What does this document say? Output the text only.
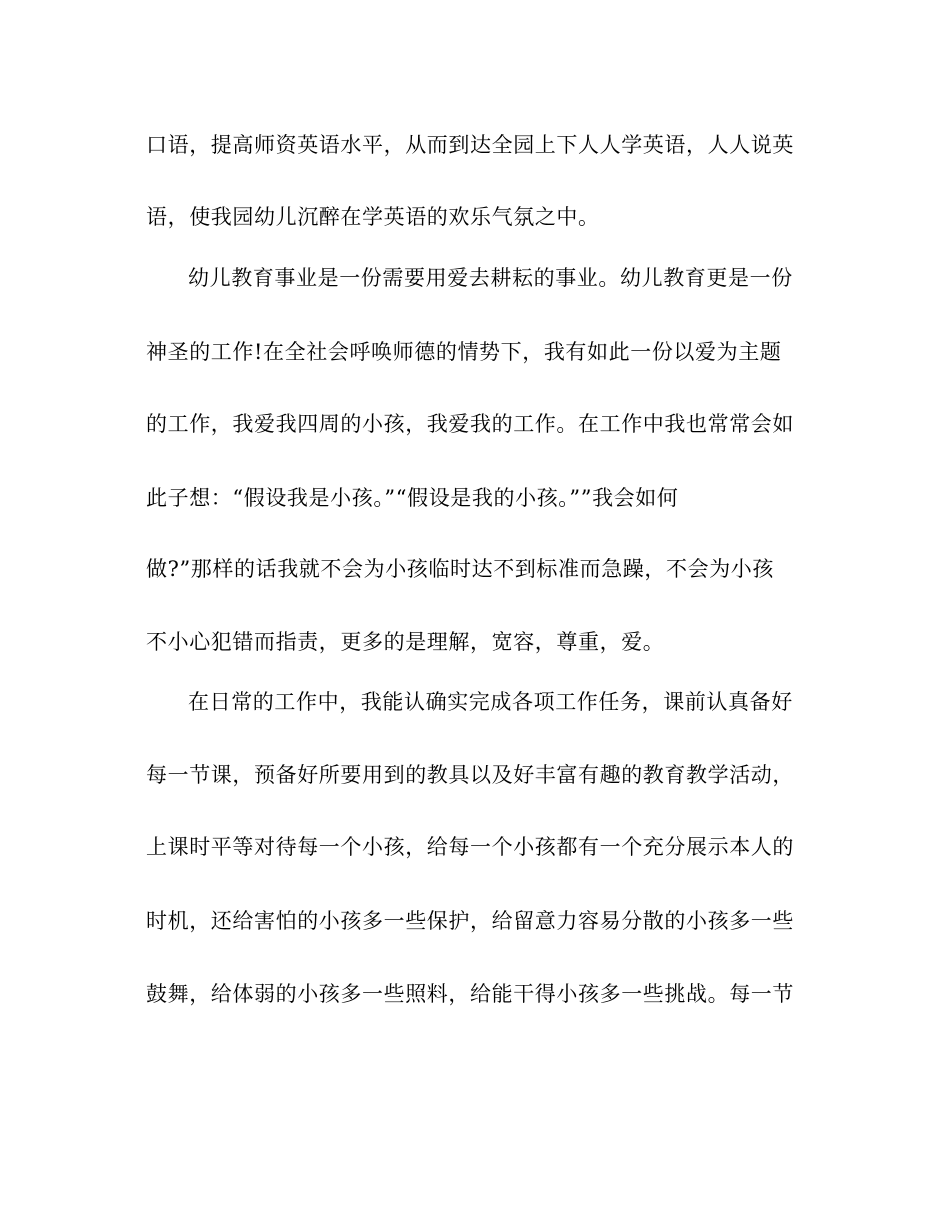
口语，提高师资英语水平，从而到达全园上下人人学英语，人人说英
语，使我园幼儿沉醉在学英语的欢乐气氛之中。
幼儿教育事业是一份需要用爱去耕耘的事业。幼儿教育更是一份
神圣的工作!在全社会呼唤师德的情势下，我有如此一份以爱为主题
的工作，我爱我四周的小孩，我爱我的工作。在工作中我也常常会如
此子想：“假设我是小孩。”“假设是我的小孩。””我会如何
做?”那样的话我就不会为小孩临时达不到标准而急躁，不会为小孩
不小心犯错而指责，更多的是理解，宽容，尊重，爱。
在日常的工作中，我能认确实完成各项工作任务，课前认真备好
每一节课，预备好所要用到的教具以及好丰富有趣的教育教学活动，
上课时平等对待每一个小孩，给每一个小孩都有一个充分展示本人的
时机，还给害怕的小孩多一些保护，给留意力容易分散的小孩多一些
鼓舞，给体弱的小孩多一些照料，给能干得小孩多一些挑战。每一节
